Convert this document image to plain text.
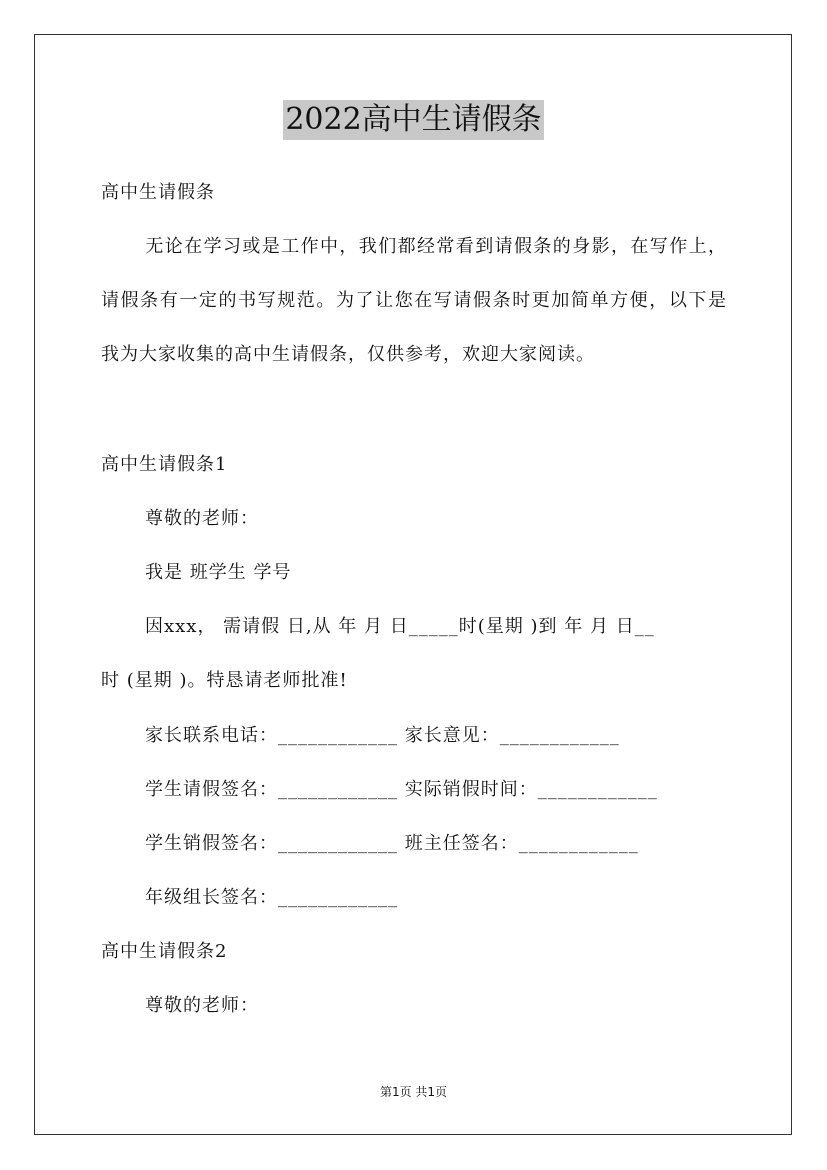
2022高中生请假条
高中生请假条
无论在学习或是工作中，我们都经常看到请假条的身影，在写作上，请假条有一定的书写规范。为了让您在写请假条时更加简单方便，以下是我为大家收集的高中生请假条，仅供参考，欢迎大家阅读。
高中生请假条1
尊敬的老师：
我是 班学生 学号
因xxx， 需请假 日,从 年 月 日_____时(星期 )到 年 月 日__
时 (星期 )。特恳请老师批准!
家长联系电话：____________ 家长意见：____________
学生请假签名：____________ 实际销假时间：____________
学生销假签名：____________ 班主任签名：____________
年级组长签名：____________
高中生请假条2
尊敬的老师：
第1页 共1页
